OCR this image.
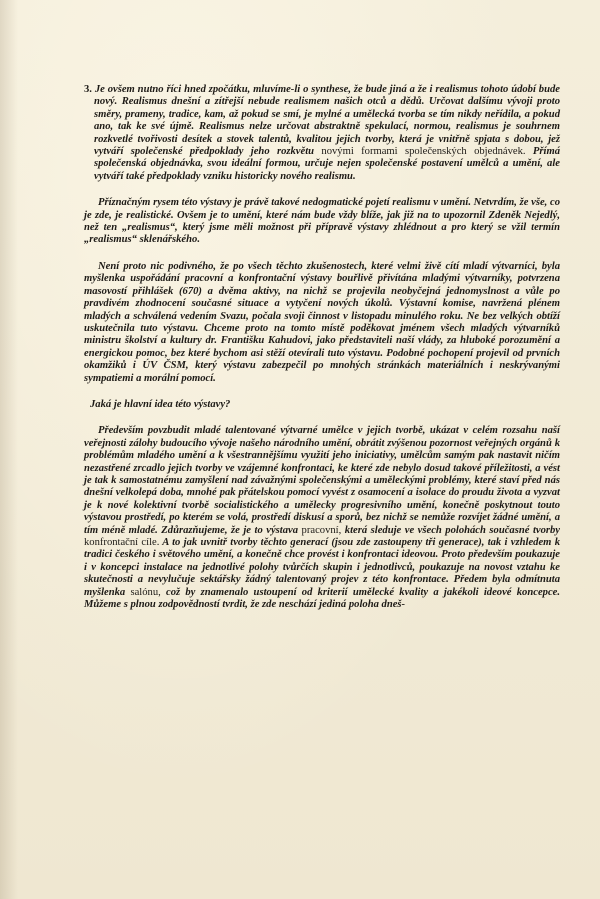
3. Je ovšem nutno říci hned zpočátku, mluvíme-li o synthese, že bude jiná a že i realismus tohoto údobí bude nový. Realismus dnešní a zítřejší nebude realismem našich otců a dědů. Určovat dalšímu vývoji proto směry, prameny, tradice, kam, až pokud se smí, je mylné a umělecká tvorba se tím nikdy neřídila, a pokud ano, tak ke své újmě. Realismus nelze určovat abstraktně spekulací, normou, realismus je souhrnem rozkvetlé tvořivosti desítek a stovek talentů, kvalitou jejich tvorby, která je vnitřně spjata s dobou, jež vytváří společenské předpoklady jeho rozkvětu novými formami společenských objednávek. Přímá společenská objednávka, svou ideální formou, určuje nejen společenské postavení umělců a umění, ale vytváří také předpoklady vzniku historicky nového realismu.

Příznačným rysem této výstavy je právě takové nedogmatické pojetí realismu v umění. Netvrdím, že vše, co je zde, je realistické. Ovšem je to umění, které nám bude vždy blíže, jak již na to upozornil Zdeněk Nejedlý, než ten „realismus“, který jsme měli možnost při přípravě výstavy zhlédnout a pro který se vžil termín „realismus“ sklenářského.

Není proto nic podivného, že po všech těchto zkušenostech, které velmi živě cítí mladí výtvarníci, byla myšlenka uspořádání pracovní a konfrontační výstavy bouřlivě přivítána mladými výtvarníky, potvrzena masovostí přihlášek (670) a dvěma aktivy, na nichž se projevila neobyčejná jednomyslnost a vůle po pravdivém zhodnocení současné situace a vytyčení nových úkolů. Výstavní komise, navržená plénem mladých a schválená vedením Svazu, počala svoji činnost v listopadu minulého roku. Ne bez velkých obtíží uskutečnila tuto výstavu. Chceme proto na tomto místě poděkovat jménem všech mladých výtvarníků ministru školství a kultury dr. Františku Kahudovi, jako představiteli naší vlády, za hluboké porozumění a energickou pomoc, bez které bychom asi stěží otevírali tuto výstavu. Podobné pochopení projevil od prvních okamžiků i ÚV ČSM, který výstavu zabezpečil po mnohých stránkách materiálních i neskrývanými sympatiemi a morální pomocí.

Jaká je hlavní idea této výstavy?

Především povzbudit mladé talentované výtvarné umělce v jejich tvorbě, ukázat v celém rozsahu naší veřejnosti zálohy budoucího vývoje našeho národního umění, obrátit zvýšenou pozornost veřejných orgánů k problémům mladého umění a k všestrannějšímu využití jeho iniciativy, umělcům samým pak nastavit ničím nezastřené zrcadlo jejich tvorby ve vzájemné konfrontaci, ke které zde nebylo dosud takové příležitosti, a vést je tak k samostatnému zamyšlení nad závažnými společenskými a uměleckými problémy, které staví před nás dnešní velkolepá doba, mnohé pak přátelskou pomocí vyvést z osamocení a isolace do proudu života a vyzvat je k nové kolektivní tvorbě socialistického a umělecky progresivního umění, konečně poskytnout touto výstavou prostředí, po kterém se volá, prostředí diskusí a sporů, bez nichž se nemůže rozvíjet žádné umění, a tím méně mladé. Zdůrazňujeme, že je to výstava pracovní, která sleduje ve všech polohách současné tvorby konfrontační cíle. A to jak uvnitř tvorby těchto generací (jsou zde zastoupeny tři generace), tak i vzhledem k tradici českého i světového umění, a konečně chce provést i konfrontaci ideovou. Proto především poukazuje i v koncepci instalace na jednotlivé polohy tvůrčích skupin i jednotlivců, poukazuje na novost vztahu ke skutečnosti a nevylučuje sektářsky žádný talentovaný projev z této konfrontace. Předem byla odmítnuta myšlenka salónu, což by znamenalo ustoupení od kriterií umělecké kvality a jakékoli ideové koncepce. Můžeme s plnou zodpovědností tvrdit, že zde neschází jediná poloha dneš-
